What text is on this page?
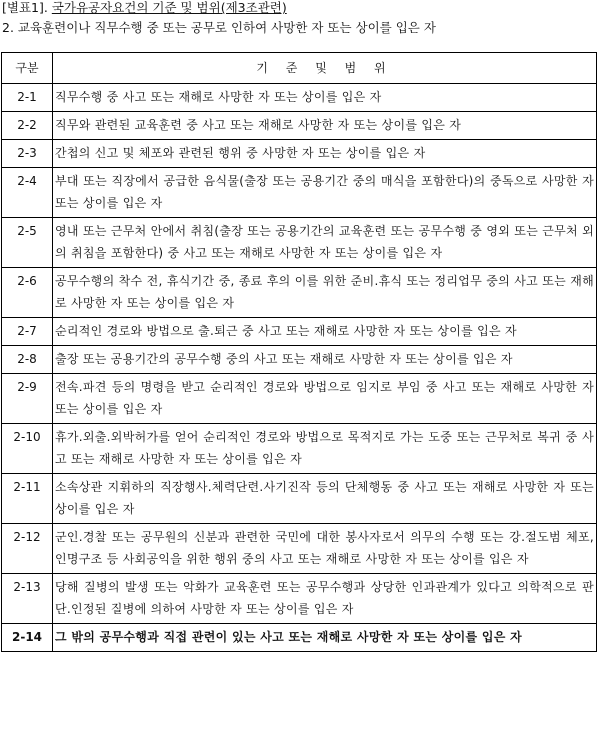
[별표1]. 국가유공자요건의 기준 및 범위(제3조관련)
2. 교육훈련이나 직무수행 중 또는 공무로 인하여 사망한 자 또는 상이를 입은 자
구분	기 준 및 범 위
2-1	직무수행 중 사고 또는 재해로 사망한 자 또는 상이를 입은 자
2-2	직무와 관련된 교육훈련 중 사고 또는 재해로 사망한 자 또는 상이를 입은 자
2-3	간첩의 신고 및 체포와 관련된 행위 중 사망한 자 또는 상이를 입은 자
2-4	부대 또는 직장에서 공급한 음식물(출장 또는 공용기간 중의 매식을 포함한다)의 중독으로 사망한 자 또는 상이를 입은 자
2-5	영내 또는 근무처 안에서 취침(출장 또는 공용기간의 교육훈련 또는 공무수행 중 영외 또는 근무처 외의 취침을 포함한다) 중 사고 또는 재해로 사망한 자 또는 상이를 입은 자
2-6	공무수행의 착수 전, 휴식기간 중, 종료 후의 이를 위한 준비.휴식 또는 정리업무 중의 사고 또는 재해로 사망한 자 또는 상이를 입은 자
2-7	순리적인 경로와 방법으로 출.퇴근 중 사고 또는 재해로 사망한 자 또는 상이를 입은 자
2-8	출장 또는 공용기간의 공무수행 중의 사고 또는 재해로 사망한 자 또는 상이를 입은 자
2-9	전속.파견 등의 명령을 받고 순리적인 경로와 방법으로 임지로 부임 중 사고 또는 재해로 사망한 자 또는 상이를 입은 자
2-10	휴가.외출.외박허가를 얻어 순리적인 경로와 방법으로 목적지로 가는 도중 또는 근무처로 복귀 중 사고 또는 재해로 사망한 자 또는 상이를 입은 자
2-11	소속상관 지휘하의 직장행사.체력단련.사기진작 등의 단체행동 중 사고 또는 재해로 사망한 자 또는 상이를 입은 자
2-12	군인.경찰 또는 공무원의 신분과 관련한 국민에 대한 봉사자로서 의무의 수행 또는 강.절도범 체포, 인명구조 등 사회공익을 위한 행위 중의 사고 또는 재해로 사망한 자 또는 상이를 입은 자
2-13	당해 질병의 발생 또는 악화가 교육훈련 또는 공무수행과 상당한 인과관계가 있다고 의학적으로 판단.인정된 질병에 의하여 사망한 자 또는 상이를 입은 자
2-14	그 밖의 공무수행과 직접 관련이 있는 사고 또는 재해로 사망한 자 또는 상이를 입은 자
